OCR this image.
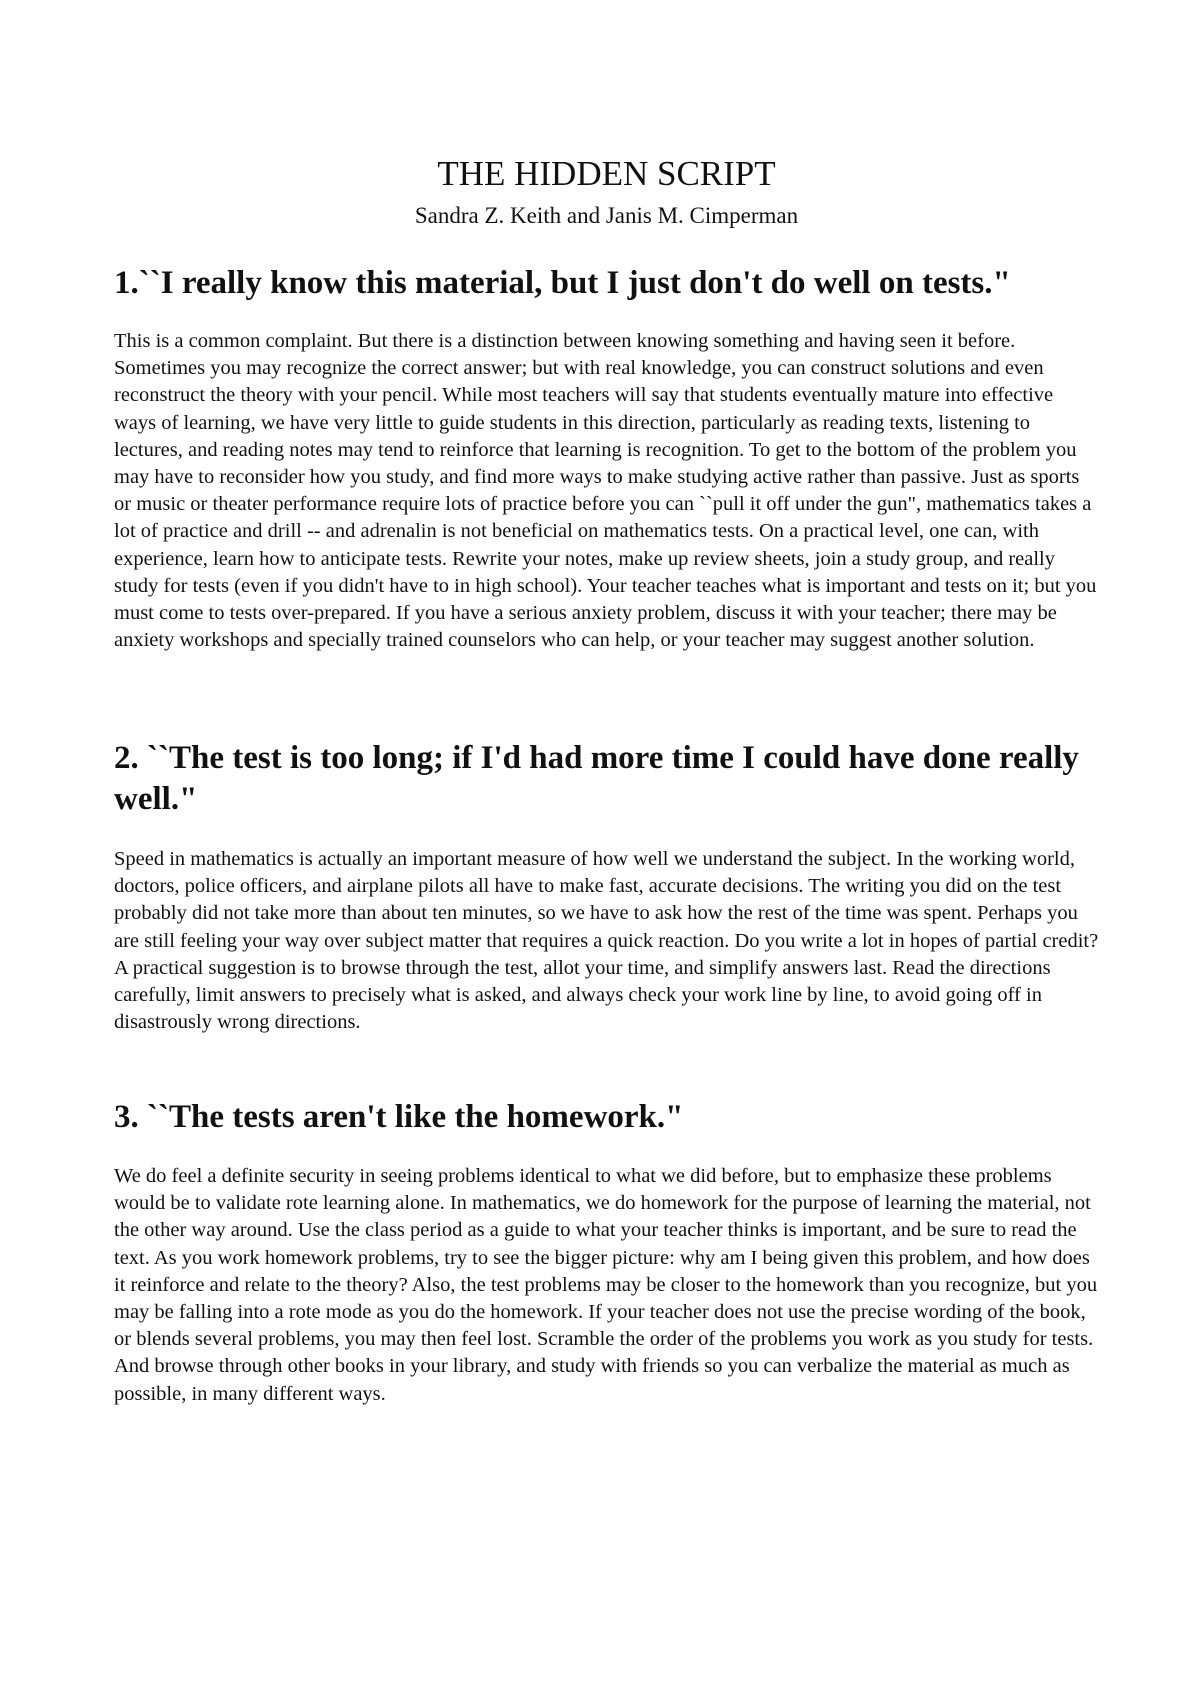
THE HIDDEN SCRIPT

Sandra Z. Keith and Janis M. Cimperman

1.``I really know this material, but I just don't do well on tests."

This is a common complaint. But there is a distinction between knowing something and having seen it before. Sometimes you may recognize the correct answer; but with real knowledge, you can construct solutions and even reconstruct the theory with your pencil. While most teachers will say that students eventually mature into effective ways of learning, we have very little to guide students in this direction, particularly as reading texts, listening to lectures, and reading notes may tend to reinforce that learning is recognition. To get to the bottom of the problem you may have to reconsider how you study, and find more ways to make studying active rather than passive. Just as sports or music or theater performance require lots of practice before you can ``pull it off under the gun", mathematics takes a lot of practice and drill -- and adrenalin is not beneficial on mathematics tests. On a practical level, one can, with experience, learn how to anticipate tests. Rewrite your notes, make up review sheets, join a study group, and really study for tests (even if you didn't have to in high school). Your teacher teaches what is important and tests on it; but you must come to tests over-prepared. If you have a serious anxiety problem, discuss it with your teacher; there may be anxiety workshops and specially trained counselors who can help, or your teacher may suggest another solution.

2. ``The test is too long; if I'd had more time I could have done really well."

Speed in mathematics is actually an important measure of how well we understand the subject. In the working world, doctors, police officers, and airplane pilots all have to make fast, accurate decisions. The writing you did on the test probably did not take more than about ten minutes, so we have to ask how the rest of the time was spent. Perhaps you are still feeling your way over subject matter that requires a quick reaction. Do you write a lot in hopes of partial credit? A practical suggestion is to browse through the test, allot your time, and simplify answers last. Read the directions carefully, limit answers to precisely what is asked, and always check your work line by line, to avoid going off in disastrously wrong directions.

3. ``The tests aren't like the homework."

We do feel a definite security in seeing problems identical to what we did before, but to emphasize these problems would be to validate rote learning alone. In mathematics, we do homework for the purpose of learning the material, not the other way around. Use the class period as a guide to what your teacher thinks is important, and be sure to read the text. As you work homework problems, try to see the bigger picture: why am I being given this problem, and how does it reinforce and relate to the theory? Also, the test problems may be closer to the homework than you recognize, but you may be falling into a rote mode as you do the homework. If your teacher does not use the precise wording of the book, or blends several problems, you may then feel lost. Scramble the order of the problems you work as you study for tests. And browse through other books in your library, and study with friends so you can verbalize the material as much as possible, in many different ways.
